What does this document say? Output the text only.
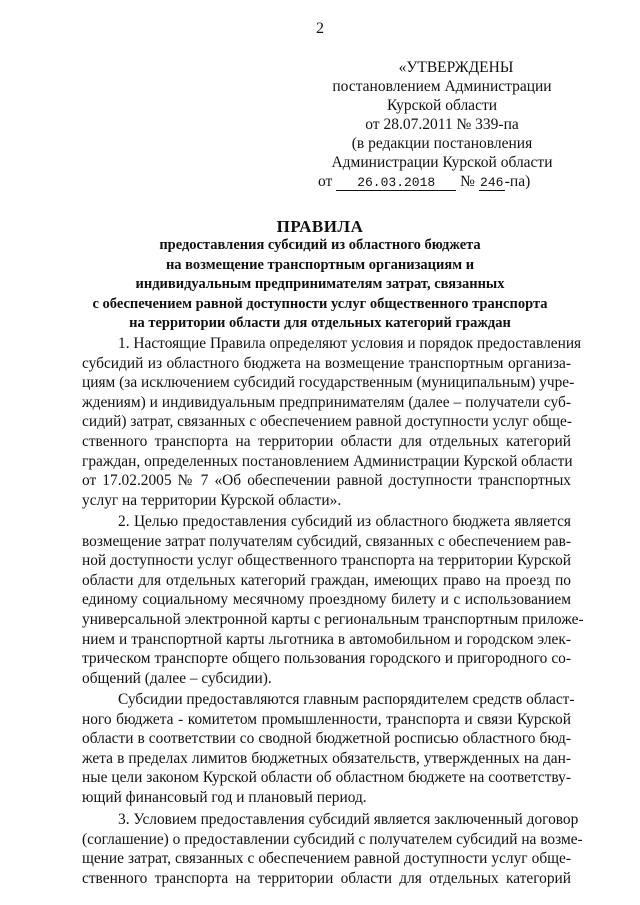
2
«УТВЕРЖДЕНЫ
постановлением Администрации
Курской области
от 28.07.2011 № 339-па
(в редакции постановления
Администрации Курской области
от 26.03.2018 № 246-па)
ПРАВИЛА
предоставления субсидий из областного бюджета
на возмещение транспортным организациям и
индивидуальным предпринимателям затрат, связанных
с обеспечением равной доступности услуг общественного транспорта
на территории области для отдельных категорий граждан
1. Настоящие Правила определяют условия и порядок предоставления
субсидий из областного бюджета на возмещение транспортным организа-
циям (за исключением субсидий государственным (муниципальным) учре-
ждениям) и индивидуальным предпринимателям (далее – получатели суб-
сидий) затрат, связанных с обеспечением равной доступности услуг обще-
ственного транспорта на территории области для отдельных категорий
граждан, определенных постановлением Администрации Курской области
от 17.02.2005 № 7 «Об обеспечении равной доступности транспортных
услуг на территории Курской области».
2. Целью предоставления субсидий из областного бюджета является
возмещение затрат получателям субсидий, связанных с обеспечением рав-
ной доступности услуг общественного транспорта на территории Курской
области для отдельных категорий граждан, имеющих право на проезд по
единому социальному месячному проездному билету и с использованием
универсальной электронной карты с региональным транспортным приложе-
нием и транспортной карты льготника в автомобильном и городском элек-
трическом транспорте общего пользования городского и пригородного со-
общений (далее – субсидии).
Субсидии предоставляются главным распорядителем средств област-
ного бюджета - комитетом промышленности, транспорта и связи Курской
области в соответствии со сводной бюджетной росписью областного бюд-
жета в пределах лимитов бюджетных обязательств, утвержденных на дан-
ные цели законом Курской области об областном бюджете на соответству-
ющий финансовый год и плановый период.
3. Условием предоставления субсидий является заключенный договор
(соглашение) о предоставлении субсидий с получателем субсидий на возме-
щение затрат, связанных с обеспечением равной доступности услуг обще-
ственного транспорта на территории области для отдельных категорий
